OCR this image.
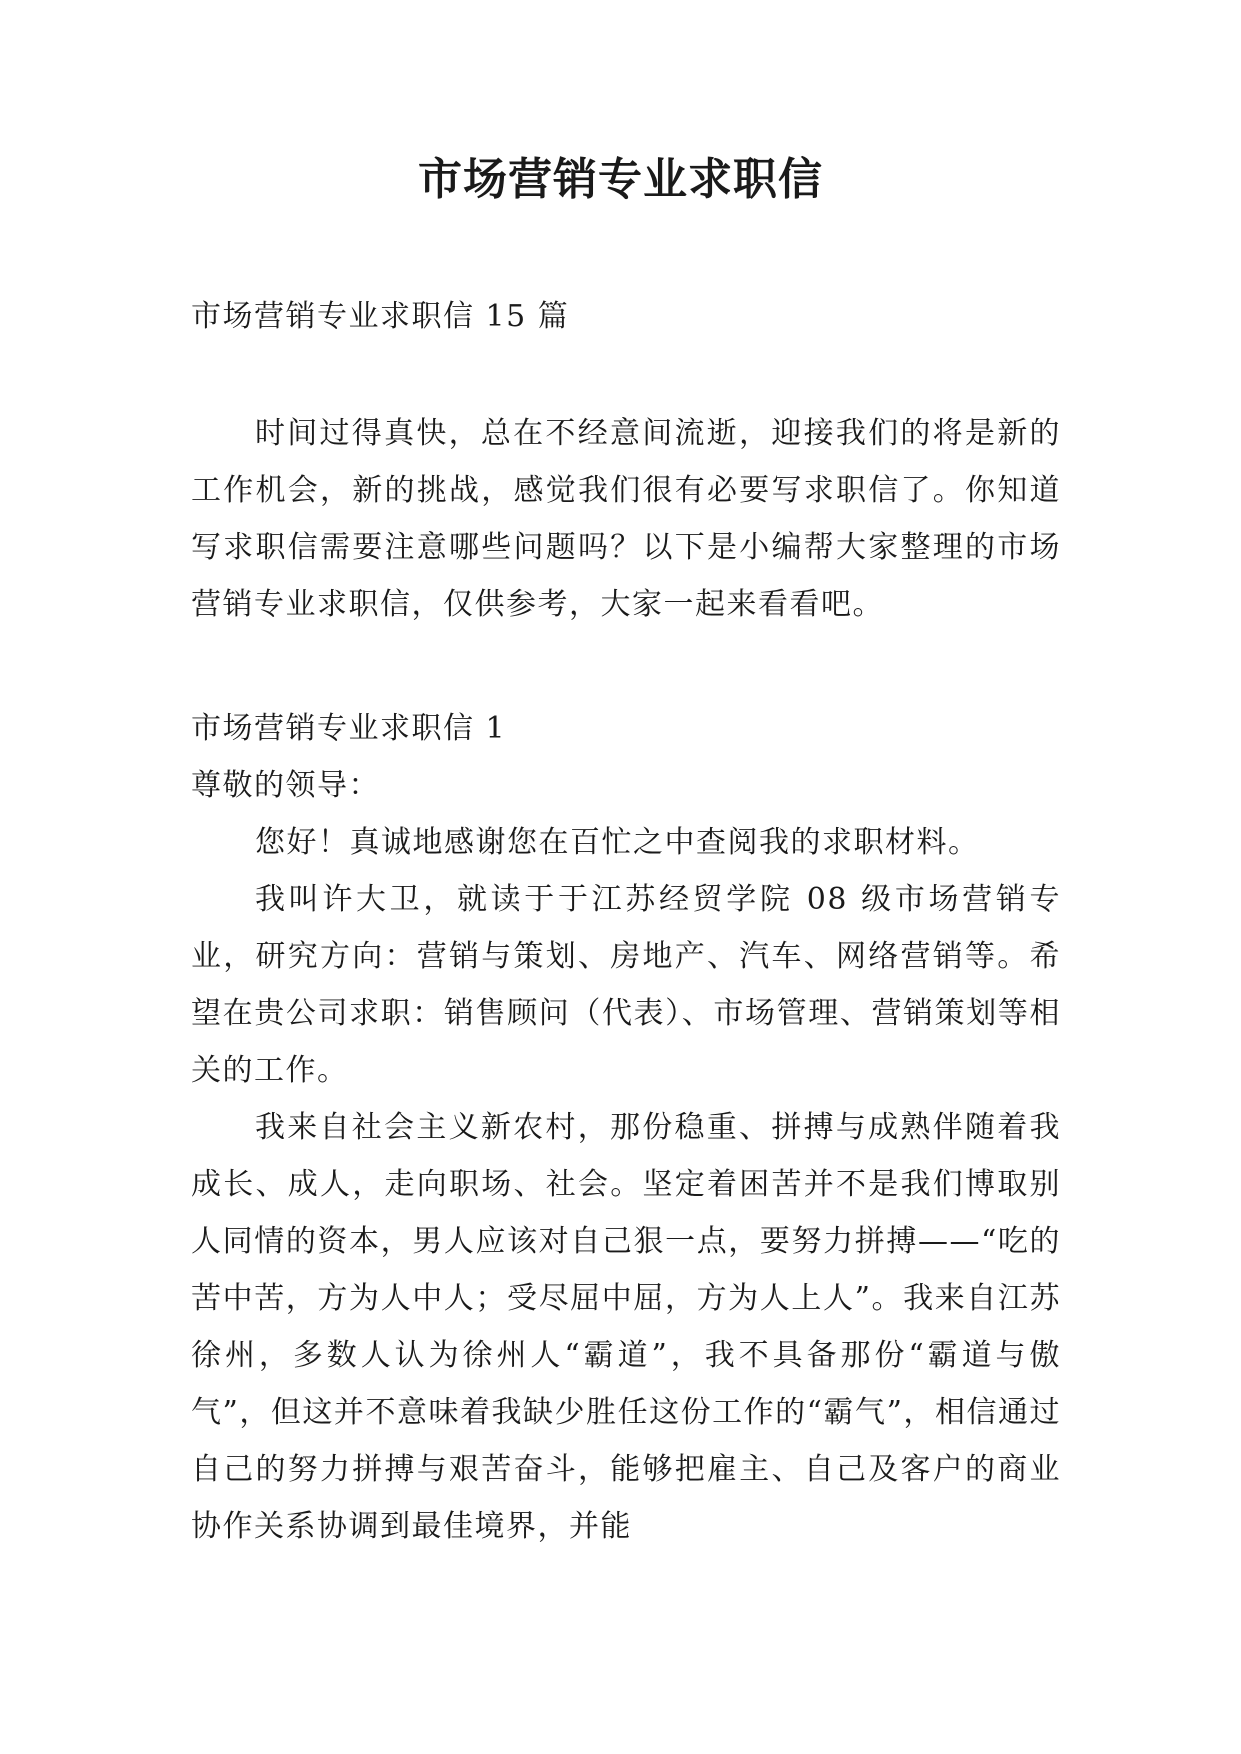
市场营销专业求职信
市场营销专业求职信 15 篇

时间过得真快，总在不经意间流逝，迎接我们的将是新的工作机会，新的挑战，感觉我们很有必要写求职信了。你知道写求职信需要注意哪些问题吗？以下是小编帮大家整理的市场营销专业求职信，仅供参考，大家一起来看看吧。

市场营销专业求职信 1

尊敬的领导：

您好！真诚地感谢您在百忙之中查阅我的求职材料。

我叫许大卫，就读于于江苏经贸学院 08 级市场营销专业，研究方向：营销与策划、房地产、汽车、网络营销等。希望在贵公司求职：销售顾问（代表）、市场管理、营销策划等相关的工作。

我来自社会主义新农村，那份稳重、拼搏与成熟伴随着我成长、成人，走向职场、社会。坚定着困苦并不是我们博取别人同情的资本，男人应该对自己狠一点，要努力拼搏——“吃的苦中苦，方为人中人；受尽屈中屈，方为人上人”。我来自江苏徐州，多数人认为徐州人“霸道”，我不具备那份“霸道与傲气”，但这并不意味着我缺少胜任这份工作的“霸气”，相信通过自己的努力拼搏与艰苦奋斗，能够把雇主、自己及客户的商业协作关系协调到最佳境界，并能
